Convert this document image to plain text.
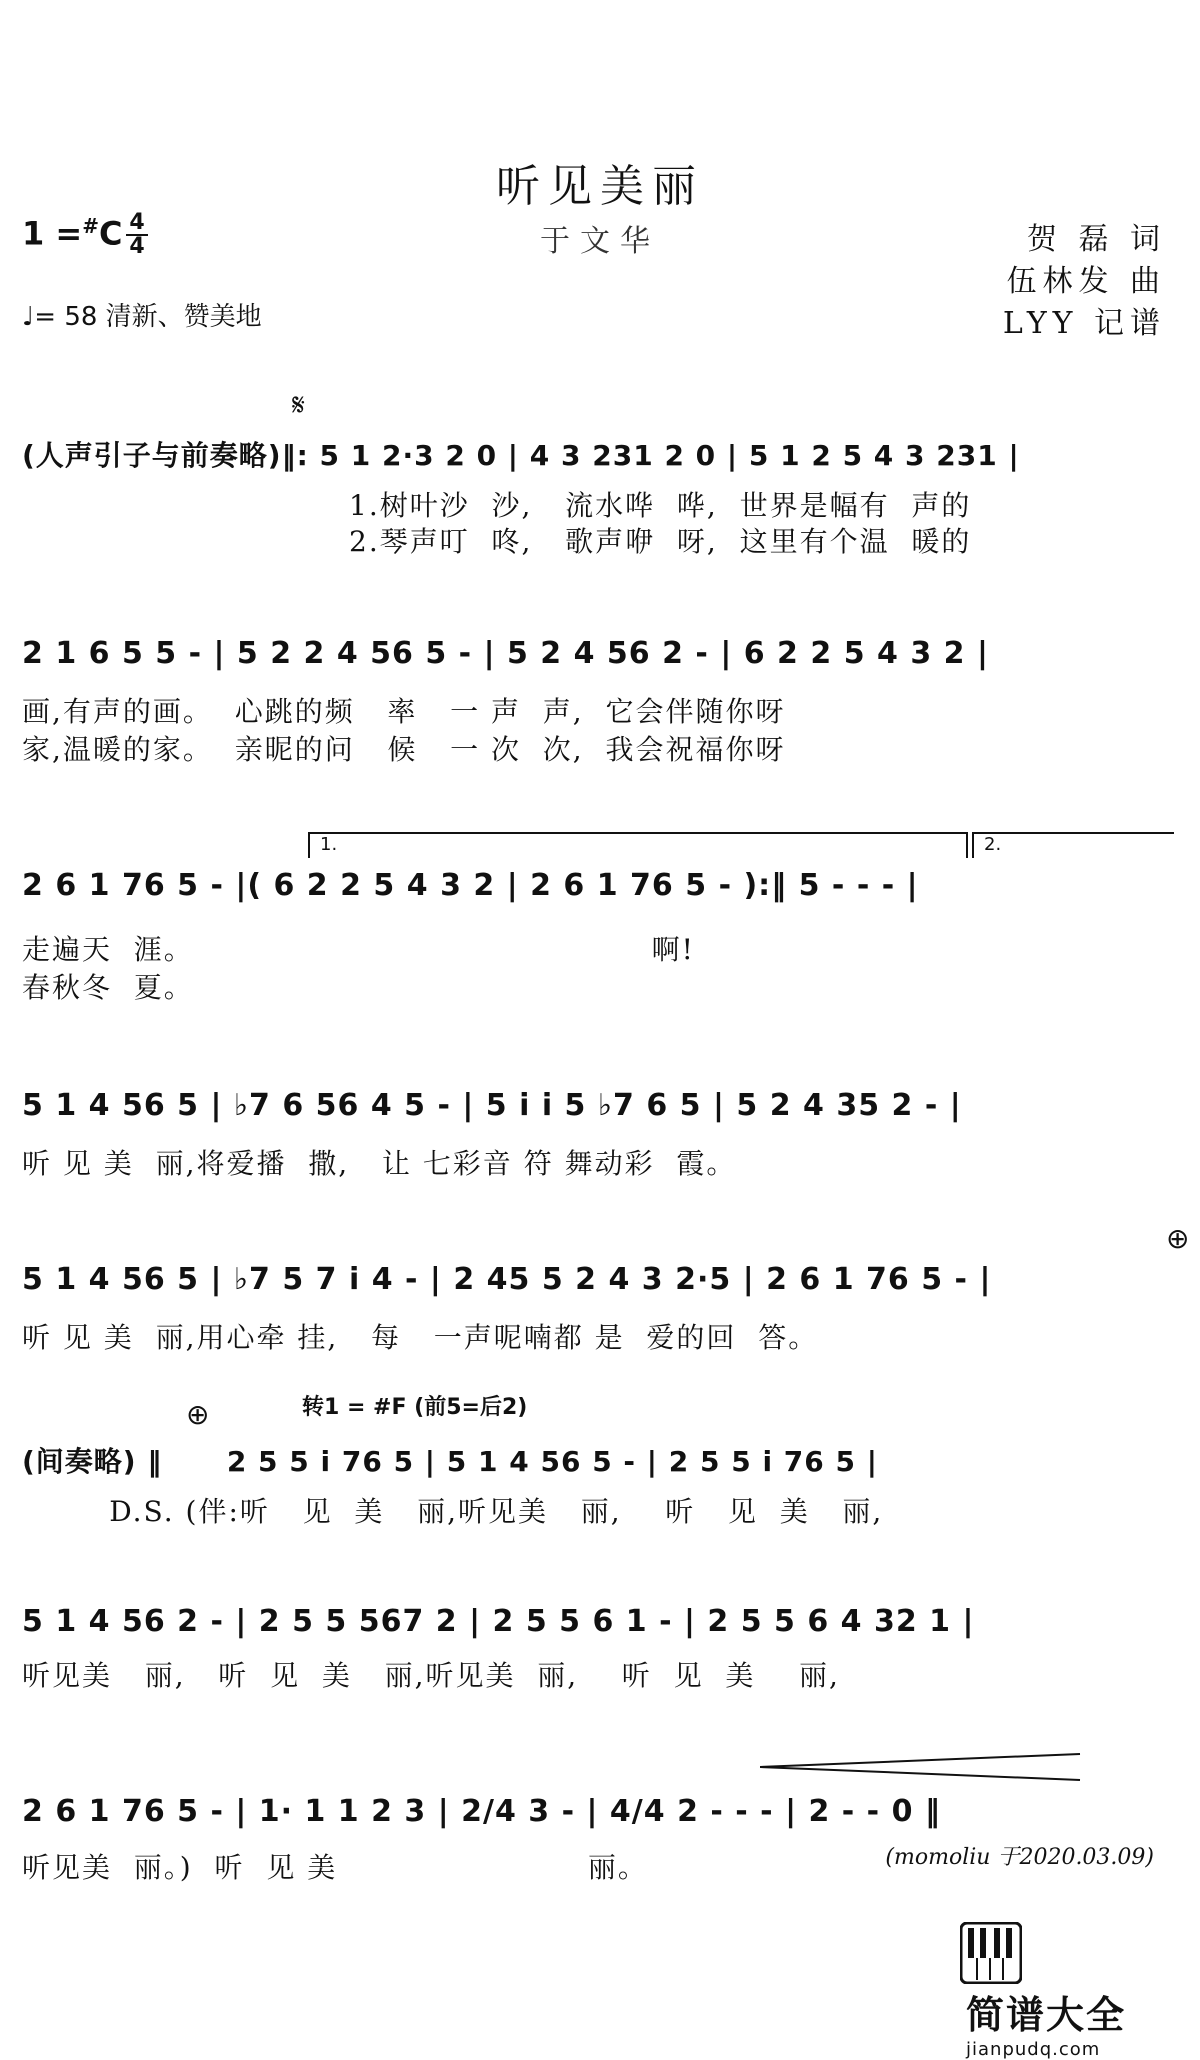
听见美丽
于文华
1 =#C 4
4
♩= 58 清新、赞美地
贺 磊 词
伍林发 曲
LYY 记谱
𝄋
(人声引子与前奏略)‖: 5 1 2·3 2 0 | 4 3 231 2 0 | 5 1 2 5 4 3 231 |
1.树叶沙  沙,   流水哗  哗,  世界是幅有  声的
2.琴声叮  咚,   歌声咿  呀,  这里有个温  暖的
2 1 6 5 5 - | 5 2 2 4 56 5 - | 5 2 4 56 2 - | 6 2 2 5 4 3 2 |
画,有声的画。  心跳的频   率   一 声  声,  它会伴随你呀
家,温暖的家。  亲昵的问   候   一 次  次,  我会祝福你呀
1.	2.
2 6 1 76 5 - |( 6 2 2 5 4 3 2 | 2 6 1 76 5 - ):‖ 5 - - - |
走遍天  涯。                                          啊!
春秋冬  夏。
5 1 4 56 5 | ♭7 6 56 4 5 - | 5 i i 5 ♭7 6 5 | 5 2 4 35 2 - |
听 见 美  丽,将爱播  撒,   让 七彩音 符 舞动彩  霞。
⊕
5 1 4 56 5 | ♭7 5 7 i 4 - | 2 45 5 2 4 3 2·5 | 2 6 1 76 5 - |
听 见 美  丽,用心牵 挂,   每   一声呢喃都 是  爱的回  答。
⊕	转1 = #F (前5=后2)
(间奏略) ‖      2 5 5 i 76 5 | 5 1 4 56 5 - | 2 5 5 i 76 5 |
D.S. (伴:听   见  美   丽,听见美   丽,    听   见  美   丽,
5 1 4 56 2 - | 2 5 5 567 2 | 2 5 5 6 1 - | 2 5 5 6 4 32 1 |
听见美   丽,   听  见  美   丽,听见美  丽,    听  见  美    丽,
2 6 1 76 5 - | 1· 1 1 2 3 | 2/4 3 - | 4/4 2 - - - | 2 - - 0 ‖
听见美  丽。)  听  见 美                       丽。	(momoliu 于2020.03.09)

简谱大全
jianpudq.com
